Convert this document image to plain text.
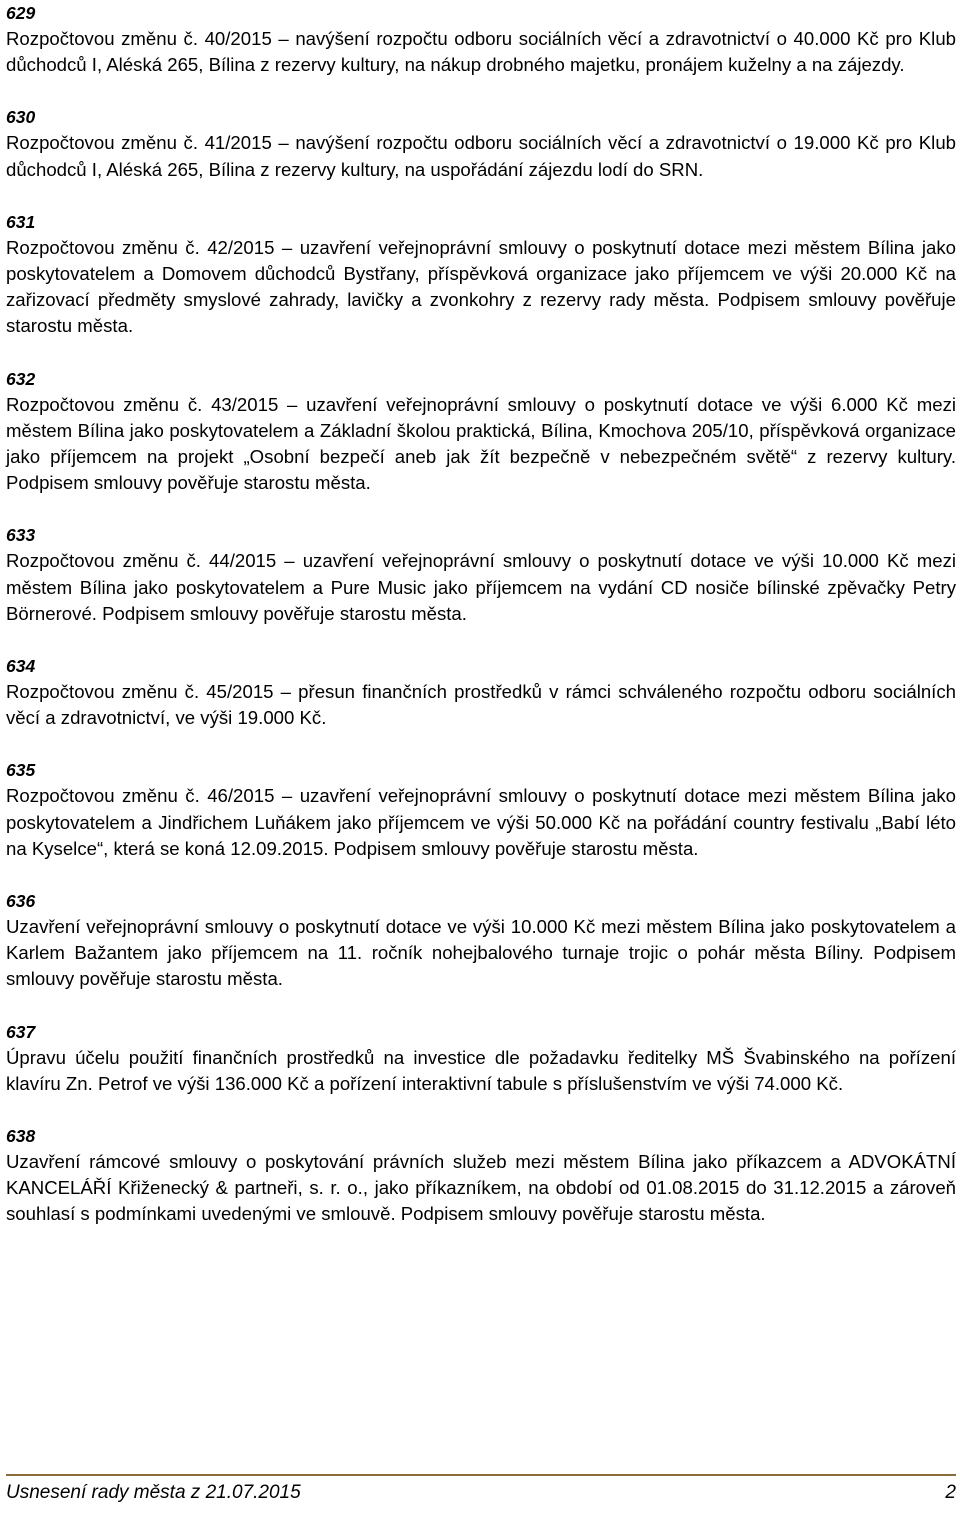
629

Rozpočtovou změnu č. 40/2015 – navýšení rozpočtu odboru sociálních věcí a zdravotnictví o 40.000 Kč pro Klub důchodců I, Aléská 265, Bílina z rezervy kultury, na nákup drobného majetku, pronájem kuželny a na zájezdy.

630

Rozpočtovou změnu č. 41/2015 – navýšení rozpočtu odboru sociálních věcí a zdravotnictví o 19.000 Kč pro Klub důchodců I, Aléská 265, Bílina z rezervy kultury, na uspořádání zájezdu lodí do SRN.

631

Rozpočtovou změnu č. 42/2015 – uzavření veřejnoprávní smlouvy o poskytnutí dotace mezi městem Bílina jako poskytovatelem a Domovem důchodců Bystřany, příspěvková organizace jako příjemcem ve výši 20.000 Kč na zařizovací předměty smyslové zahrady, lavičky a zvonkohry z rezervy rady města. Podpisem smlouvy pověřuje starostu města.

632

Rozpočtovou změnu č. 43/2015 – uzavření veřejnoprávní smlouvy o poskytnutí dotace ve výši 6.000 Kč mezi městem Bílina jako poskytovatelem a Základní školou praktická, Bílina, Kmochova 205/10, příspěvková organizace jako příjemcem na projekt „Osobní bezpečí aneb jak žít bezpečně v nebezpečném světě“ z rezervy kultury. Podpisem smlouvy pověřuje starostu města.

633

Rozpočtovou změnu č. 44/2015 – uzavření veřejnoprávní smlouvy o poskytnutí dotace ve výši 10.000 Kč mezi městem Bílina jako poskytovatelem a Pure Music jako příjemcem na vydání CD nosiče bílinské zpěvačky Petry Börnerové. Podpisem smlouvy pověřuje starostu města.

634

Rozpočtovou změnu č. 45/2015 – přesun finančních prostředků v rámci schváleného rozpočtu odboru sociálních věcí a zdravotnictví, ve výši 19.000 Kč.

635

Rozpočtovou změnu č. 46/2015 – uzavření veřejnoprávní smlouvy o poskytnutí dotace mezi městem Bílina jako poskytovatelem a Jindřichem Luňákem jako příjemcem ve výši 50.000 Kč na pořádání country festivalu „Babí léto na Kyselce“, která se koná 12.09.2015. Podpisem smlouvy pověřuje starostu města.

636

Uzavření veřejnoprávní smlouvy o poskytnutí dotace ve výši 10.000 Kč mezi městem Bílina jako poskytovatelem a Karlem Bažantem jako příjemcem na 11. ročník nohejbalového turnaje trojic o pohár města Bíliny. Podpisem smlouvy pověřuje starostu města.

637

Úpravu účelu použití finančních prostředků na investice dle požadavku ředitelky MŠ Švabinského na pořízení klavíru Zn. Petrof ve výši 136.000 Kč a pořízení interaktivní tabule s příslušenstvím ve výši 74.000 Kč.

638

Uzavření rámcové smlouvy o poskytování právních služeb mezi městem Bílina jako příkazcem a ADVOKÁTNÍ KANCELÁŘÍ Křiženecký & partneři, s. r. o., jako příkazníkem, na období od 01.08.2015 do 31.12.2015 a zároveň souhlasí s podmínkami uvedenými ve smlouvě. Podpisem smlouvy pověřuje starostu města.

Usnesení rady města z 21.07.2015	2
